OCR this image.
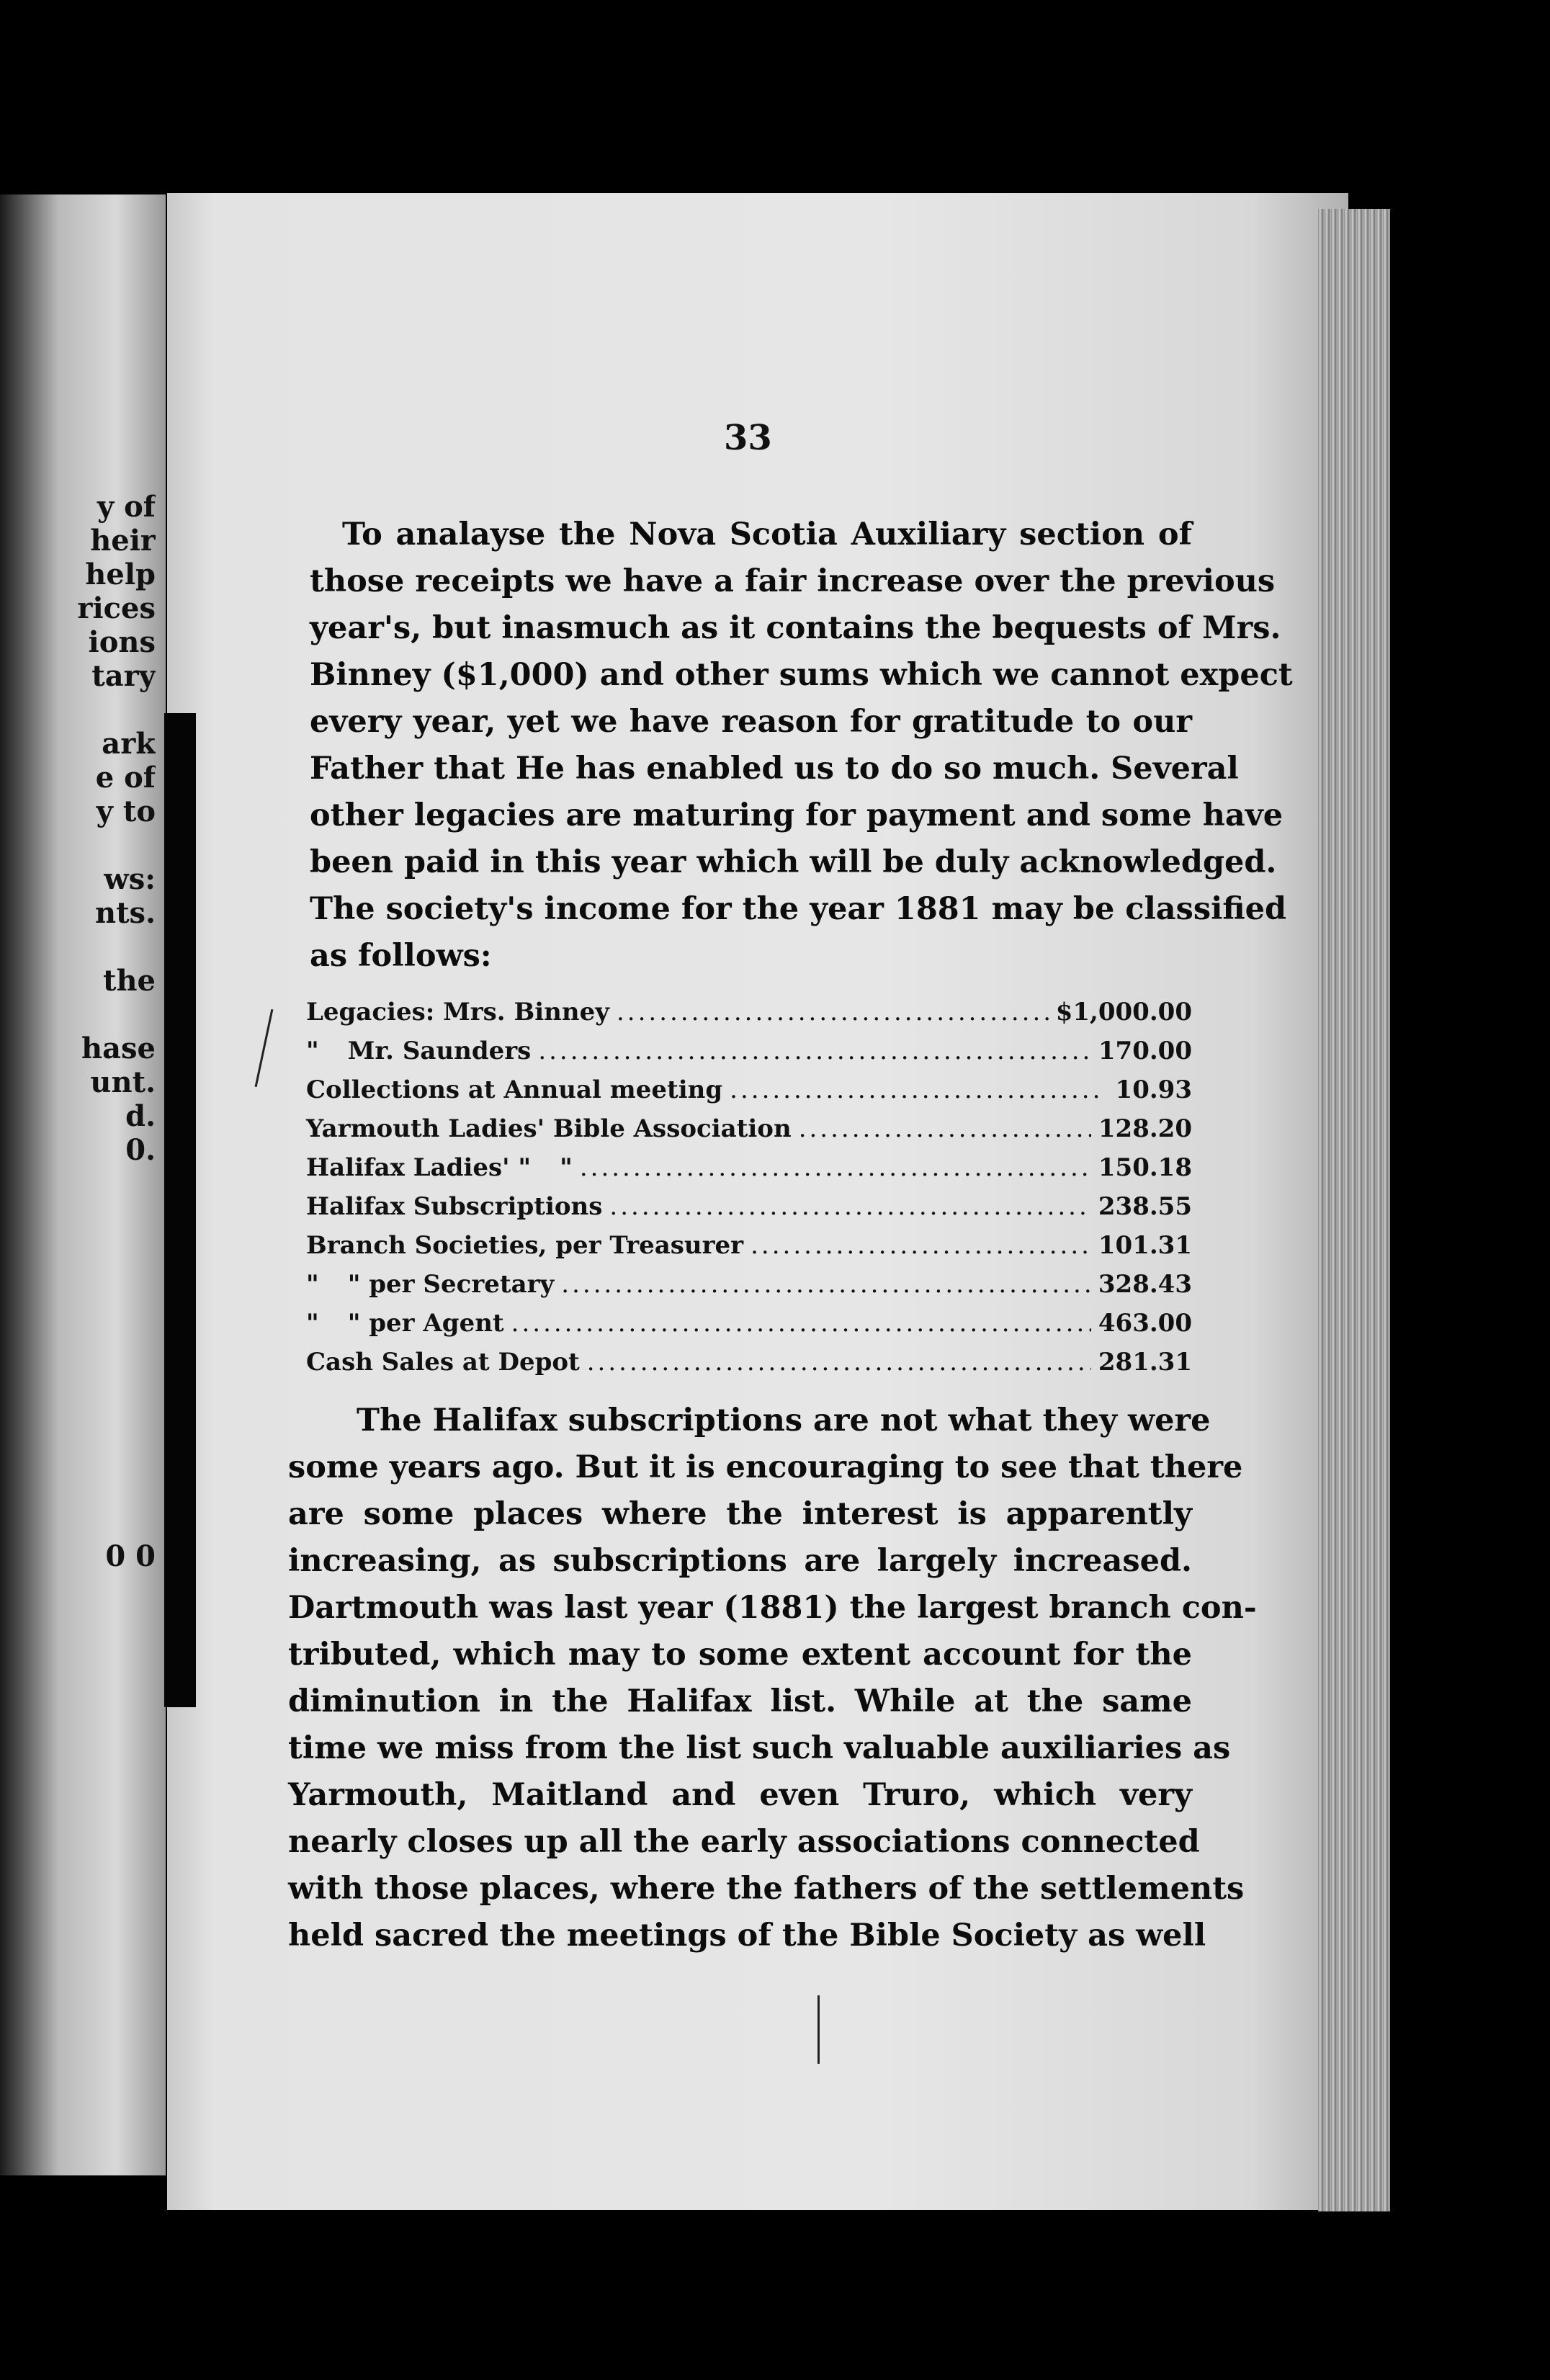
y of
heir
help
rices
ions
tary
ark
e of
y to
ws:
nts.
the
hase
unt.
d.
0.
0 0
33
To analayse the Nova Scotia Auxiliary section of
those receipts we have a fair increase over the previous
year's, but inasmuch as it contains the bequests of Mrs.
Binney ($1,000) and other sums which we cannot expect
every year, yet we have reason for gratitude to our
Father that He has enabled us to do so much. Several
other legacies are maturing for payment and some have
been paid in this year which will be duly acknowledged.
The society's income for the year 1881 may be classified
as follows:
Legacies: Mrs. Binney .....	$1,000.00
"	Mr. Saunders .....	170.00
Collections at Annual meeting .....	10.93
Yarmouth Ladies' Bible Association .....	128.20
Halifax Ladies' "	" .....	150.18
Halifax Subscriptions .....	238.55
Branch Societies, per Treasurer .....	101.31
"	" per Secretary .....	328.43
"	" per Agent .....	463.00
Cash Sales at Depot .....	281.31
The Halifax subscriptions are not what they were
some years ago. But it is encouraging to see that there
are some places where the interest is apparently
increasing, as subscriptions are largely increased.
Dartmouth was last year (1881) the largest branch con-
tributed, which may to some extent account for the
diminution in the Halifax list. While at the same
time we miss from the list such valuable auxiliaries as
Yarmouth, Maitland and even Truro, which very
nearly closes up all the early associations connected
with those places, where the fathers of the settlements
held sacred the meetings of the Bible Society as well
